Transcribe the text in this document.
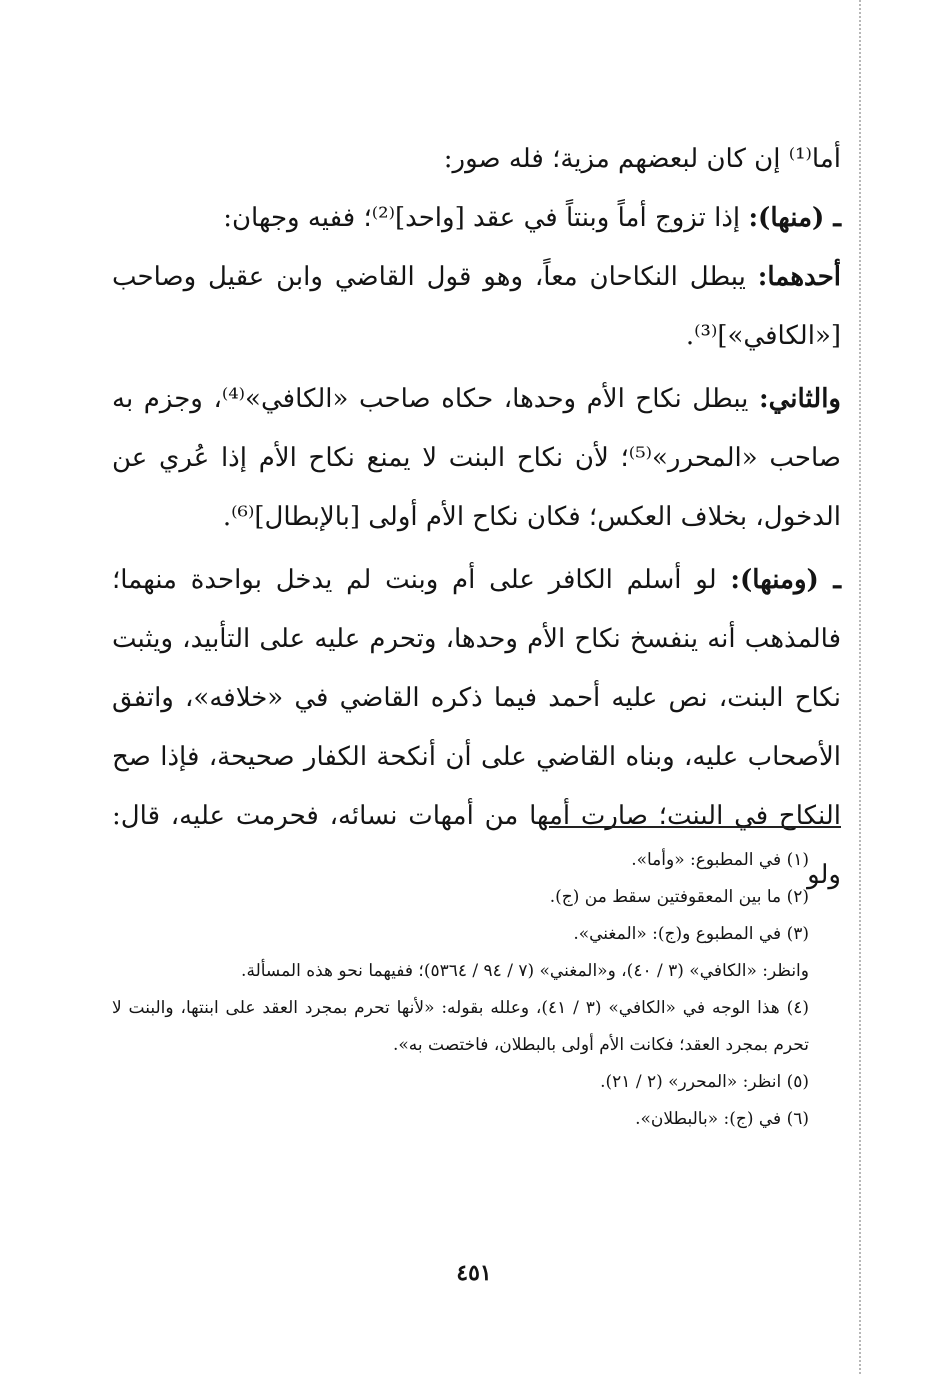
أما⁽¹⁾ إن كان لبعضهم مزية؛ فله صور:

ـ (منها): إذا تزوج أماً وبنتاً في عقد [واحد]⁽²⁾؛ ففيه وجهان:

أحدهما: يبطل النكاحان معاً، وهو قول القاضي وابن عقيل وصاحب [«الكافي»]⁽³⁾.

والثاني: يبطل نكاح الأم وحدها، حكاه صاحب «الكافي»⁽⁴⁾، وجزم به صاحب «المحرر»⁽⁵⁾؛ لأن نكاح البنت لا يمنع نكاح الأم إذا عُري عن الدخول، بخلاف العكس؛ فكان نكاح الأم أولى [بالإبطال]⁽⁶⁾.

ـ (ومنها): لو أسلم الكافر على أم وبنت لم يدخل بواحدة منهما؛ فالمذهب أنه ينفسخ نكاح الأم وحدها، وتحرم عليه على التأبيد، ويثبت نكاح البنت، نص عليه أحمد فيما ذكره القاضي في «خلافه»، واتفق الأصحاب عليه، وبناه القاضي على أن أنكحة الكفار صحيحة، فإذا صح النكاح في البنت؛ صارت أمها من أمهات نسائه، فحرمت عليه، قال: ولو

(١) في المطبوع: «وأما».

(٢) ما بين المعقوفتين سقط من (ج).

(٣) في المطبوع و(ج): «المغني».

وانظر: «الكافي» (٣ / ٤٠)، و«المغني» (٧ / ٩٤ / ٥٣٦٤)؛ ففيهما نحو هذه المسألة.

(٤) هذا الوجه في «الكافي» (٣ / ٤١)، وعلله بقوله: «لأنها تحرم بمجرد العقد على ابنتها، والبنت لا تحرم بمجرد العقد؛ فكانت الأم أولى بالبطلان، فاختصت به».

(٥) انظر: «المحرر» (٢ / ٢١).

(٦) في (ج): «بالبطلان».

٤٥١
